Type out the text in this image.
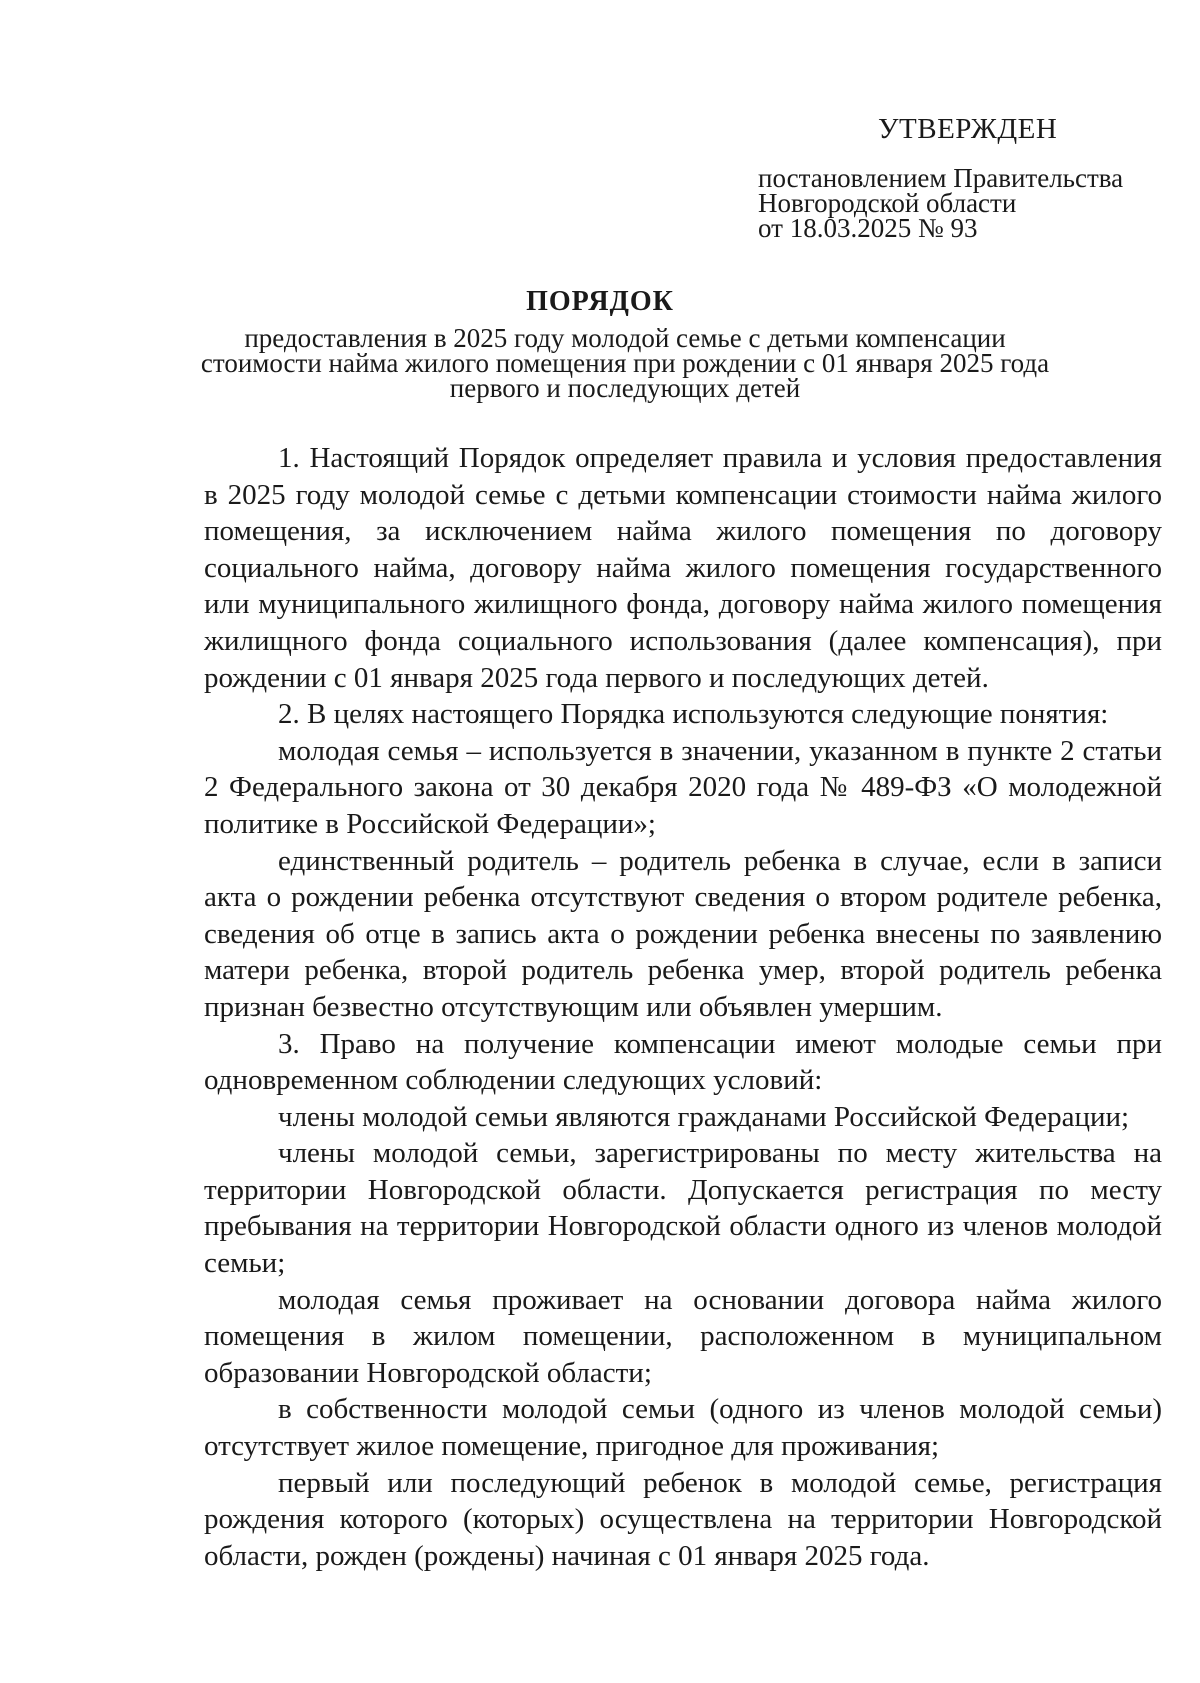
УТВЕРЖДЕН
постановлением Правительства
Новгородской области
от 18.03.2025 № 93
ПОРЯДОК
предоставления в 2025 году молодой семье с детьми компенсации стоимости найма жилого помещения при рождении с 01 января 2025 года первого и последующих детей

1. Настоящий Порядок определяет правила и условия предоставления в 2025 году молодой семье с детьми компенсации стоимости найма жилого помещения, за исключением найма жилого помещения по договору социального найма, договору найма жилого помещения государственного или муниципального жилищного фонда, договору найма жилого помещения жилищного фонда социального использования (далее компенсация), при рождении с 01 января 2025 года первого и последующих детей.

2. В целях настоящего Порядка используются следующие понятия:

молодая семья – используется в значении, указанном в пункте 2 статьи 2 Федерального закона от 30 декабря 2020 года № 489-ФЗ «О молодежной политике в Российской Федерации»;

единственный родитель – родитель ребенка в случае, если в записи акта о рождении ребенка отсутствуют сведения о втором родителе ребенка, сведения об отце в запись акта о рождении ребенка внесены по заявлению матери ребенка, второй родитель ребенка умер, второй родитель ребенка признан безвестно отсутствующим или объявлен умершим.

3. Право на получение компенсации имеют молодые семьи при одновременном соблюдении следующих условий:

члены молодой семьи являются гражданами Российской Федерации;

члены молодой семьи, зарегистрированы по месту жительства на территории Новгородской области. Допускается регистрация по месту пребывания на территории Новгородской области одного из членов молодой семьи;

молодая семья проживает на основании договора найма жилого помещения в жилом помещении, расположенном в муниципальном образовании Новгородской области;

в собственности молодой семьи (одного из членов молодой семьи) отсутствует жилое помещение, пригодное для проживания;

первый или последующий ребенок в молодой семье, регистрация рождения которого (которых) осуществлена на территории Новгородской области, рожден (рождены) начиная с 01 января 2025 года.
